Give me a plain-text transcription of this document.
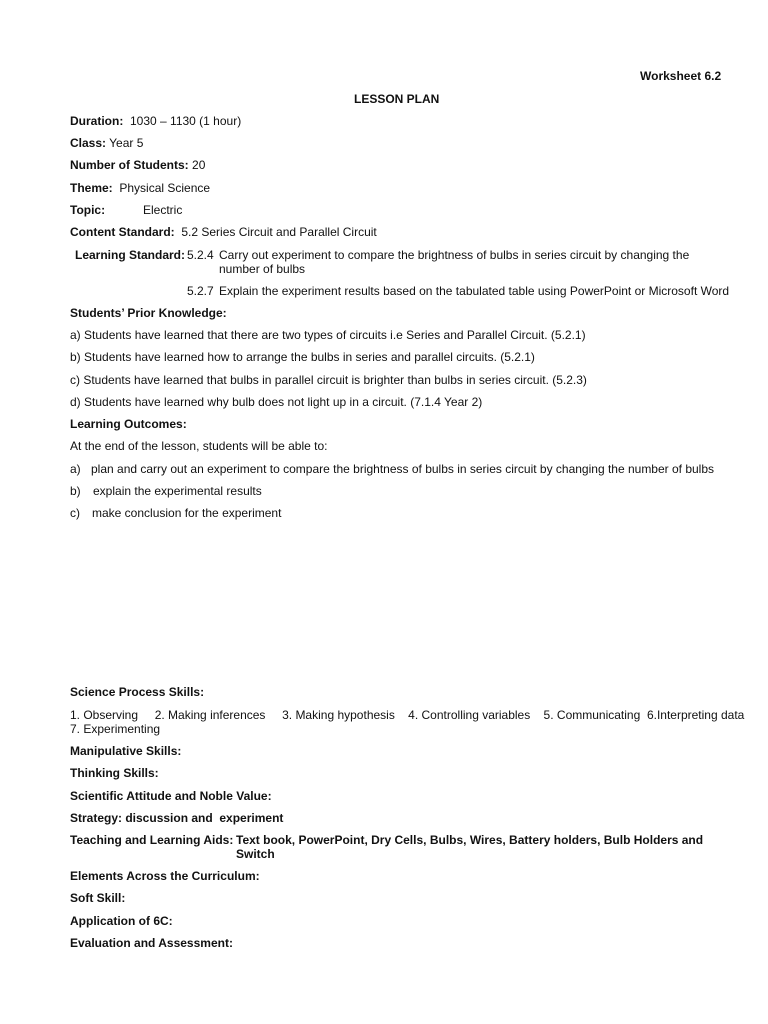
Worksheet 6.2
LESSON PLAN
Duration: 1030 – 1130 (1 hour)
Class: Year 5
Number of Students: 20
Theme: Physical Science
Topic:	Electric
Content Standard: 5.2 Series Circuit and Parallel Circuit
Learning Standard: 5.2.4 Carry out experiment to compare the brightness of bulbs in series circuit by changing the
number of bulbs
5.2.7 Explain the experiment results based on the tabulated table using PowerPoint or Microsoft Word
Students’ Prior Knowledge:
a) Students have learned that there are two types of circuits i.e Series and Parallel Circuit. (5.2.1)
b) Students have learned how to arrange the bulbs in series and parallel circuits. (5.2.1)
c) Students have learned that bulbs in parallel circuit is brighter than bulbs in series circuit. (5.2.3)
d) Students have learned why bulb does not light up in a circuit. (7.1.4 Year 2)
Learning Outcomes:
At the end of the lesson, students will be able to:
a) plan and carry out an experiment to compare the brightness of bulbs in series circuit by changing the number of bulbs
b) explain the experimental results
c) make conclusion for the experiment
Science Process Skills:
1. Observing     2. Making inferences     3. Making hypothesis    4. Controlling variables    5. Communicating  6.Interpreting data
7. Experimenting
Manipulative Skills:
Thinking Skills:
Scientific Attitude and Noble Value:
Strategy: discussion and  experiment
Teaching and Learning Aids: Text book, PowerPoint, Dry Cells, Bulbs, Wires, Battery holders, Bulb Holders and
Switch
Elements Across the Curriculum:
Soft Skill:
Application of 6C:
Evaluation and Assessment:
